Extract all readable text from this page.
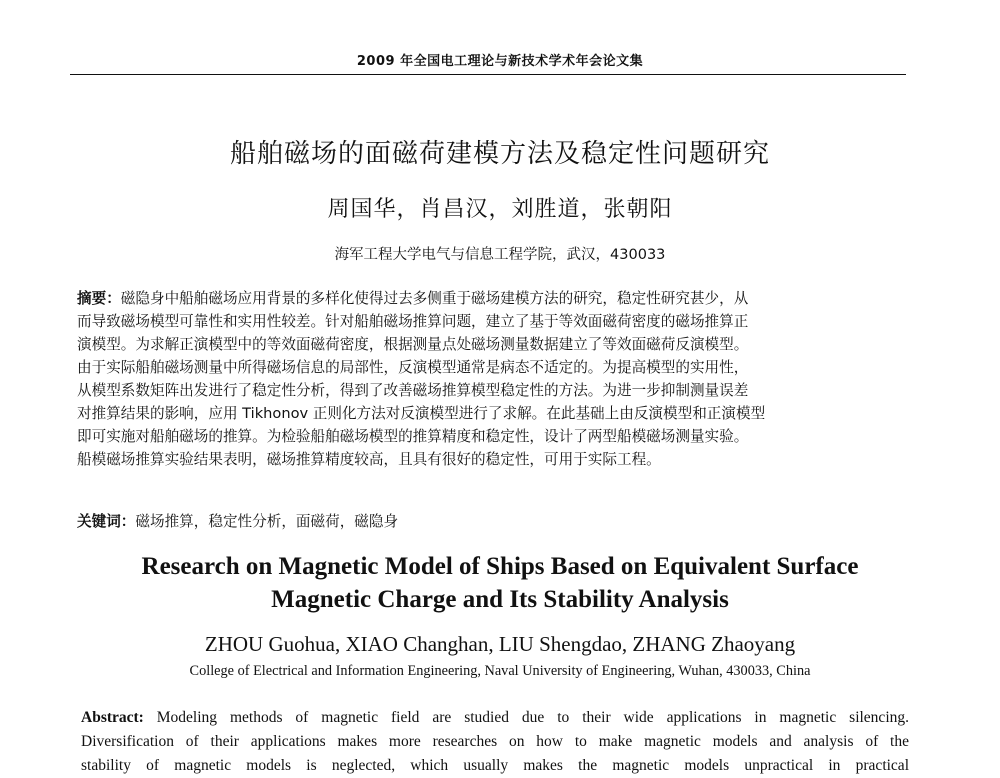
2009 年全国电工理论与新技术学术年会论文集
船舶磁场的面磁荷建模方法及稳定性问题研究
周国华，肖昌汉，刘胜道，张朝阳
海军工程大学电气与信息工程学院，武汉，430033
摘要：磁隐身中船舶磁场应用背景的多样化使得过去多侧重于磁场建模方法的研究，稳定性研究甚少，从
而导致磁场模型可靠性和实用性较差。针对船舶磁场推算问题，建立了基于等效面磁荷密度的磁场推算正
演模型。为求解正演模型中的等效面磁荷密度，根据测量点处磁场测量数据建立了等效面磁荷反演模型。
由于实际船舶磁场测量中所得磁场信息的局部性，反演模型通常是病态不适定的。为提高模型的实用性，
从模型系数矩阵出发进行了稳定性分析，得到了改善磁场推算模型稳定性的方法。为进一步抑制测量误差
对推算结果的影响，应用 Tikhonov 正则化方法对反演模型进行了求解。在此基础上由反演模型和正演模型
即可实施对船舶磁场的推算。为检验船舶磁场模型的推算精度和稳定性，设计了两型船模磁场测量实验。
船模磁场推算实验结果表明，磁场推算精度较高，且具有很好的稳定性，可用于实际工程。
关键词：磁场推算，稳定性分析，面磁荷，磁隐身
Research on Magnetic Model of Ships Based on Equivalent Surface
Magnetic Charge and Its Stability Analysis
ZHOU Guohua, XIAO Changhan, LIU Shengdao, ZHANG Zhaoyang
College of Electrical and Information Engineering, Naval University of Engineering, Wuhan, 430033, China
Abstract: Modeling methods of magnetic field are studied due to their wide applications in magnetic silencing.
Diversification of their applications makes more researches on how to make magnetic models and analysis of the
stability of magnetic models is neglected, which usually makes the magnetic models unpractical in practical
